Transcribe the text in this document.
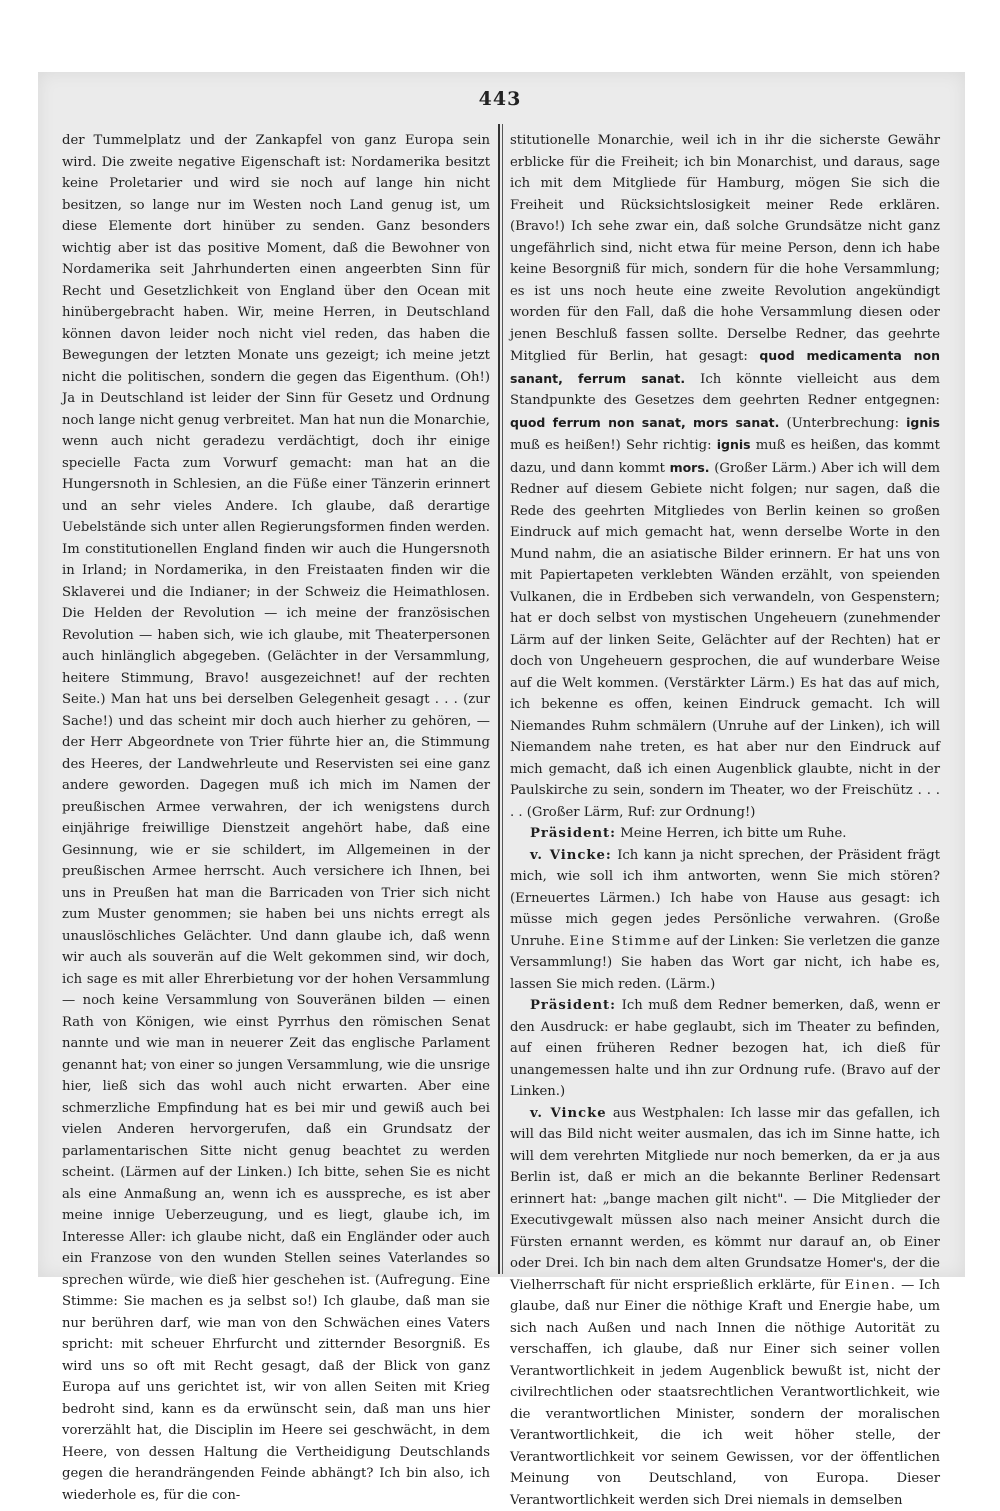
443

der Tummelplatz und der Zankapfel von ganz Europa sein wird. Die zweite negative Eigenschaft ist: Nordamerika besitzt keine Proletarier und wird sie noch auf lange hin nicht besitzen, so lange nur im Westen noch Land genug ist, um diese Elemente dort hinüber zu senden. Ganz besonders wichtig aber ist das positive Moment, daß die Bewohner von Nordamerika seit Jahrhunderten einen angeerbten Sinn für Recht und Gesetzlichkeit von England über den Ocean mit hinübergebracht haben. Wir, meine Herren, in Deutschland können davon leider noch nicht viel reden, das haben die Bewegungen der letzten Monate uns gezeigt; ich meine jetzt nicht die politischen, sondern die gegen das Eigenthum. (Oh!) Ja in Deutschland ist leider der Sinn für Gesetz und Ordnung noch lange nicht genug verbreitet. Man hat nun die Monarchie, wenn auch nicht geradezu verdächtigt, doch ihr einige specielle Facta zum Vorwurf gemacht: man hat an die Hungersnoth in Schlesien, an die Füße einer Tänzerin erinnert und an sehr vieles Andere. Ich glaube, daß derartige Uebelstände sich unter allen Regierungsformen finden werden. Im constitutionellen England finden wir auch die Hungersnoth in Irland; in Nordamerika, in den Freistaaten finden wir die Sklaverei und die Indianer; in der Schweiz die Heimathlosen. Die Helden der Revolution — ich meine der französischen Revolution — haben sich, wie ich glaube, mit Theaterpersonen auch hinlänglich abgegeben. (Gelächter in der Versammlung, heitere Stimmung, Bravo! ausgezeichnet! auf der rechten Seite.) Man hat uns bei derselben Gelegenheit gesagt . . . (zur Sache!) und das scheint mir doch auch hierher zu gehören, — der Herr Abgeordnete von Trier führte hier an, die Stimmung des Heeres, der Landwehrleute und Reservisten sei eine ganz andere geworden. Dagegen muß ich mich im Namen der preußischen Armee verwahren, der ich wenigstens durch einjährige freiwillige Dienstzeit angehört habe, daß eine Gesinnung, wie er sie schildert, im Allgemeinen in der preußischen Armee herrscht. Auch versichere ich Ihnen, bei uns in Preußen hat man die Barricaden von Trier sich nicht zum Muster genommen; sie haben bei uns nichts erregt als unauslöschliches Gelächter. Und dann glaube ich, daß wenn wir auch als souverän auf die Welt gekommen sind, wir doch, ich sage es mit aller Ehrerbietung vor der hohen Versammlung — noch keine Versammlung von Souveränen bilden — einen Rath von Königen, wie einst Pyrrhus den römischen Senat nannte und wie man in neuerer Zeit das englische Parlament genannt hat; von einer so jungen Versammlung, wie die unsrige hier, ließ sich das wohl auch nicht erwarten. Aber eine schmerzliche Empfindung hat es bei mir und gewiß auch bei vielen Anderen hervorgerufen, daß ein Grundsatz der parlamentarischen Sitte nicht genug beachtet zu werden scheint. (Lärmen auf der Linken.) Ich bitte, sehen Sie es nicht als eine Anmaßung an, wenn ich es ausspreche, es ist aber meine innige Ueberzeugung, und es liegt, glaube ich, im Interesse Aller: ich glaube nicht, daß ein Engländer oder auch ein Franzose von den wunden Stellen seines Vaterlandes so sprechen würde, wie dieß hier geschehen ist. (Aufregung. Eine Stimme: Sie machen es ja selbst so!) Ich glaube, daß man sie nur berühren darf, wie man von den Schwächen eines Vaters spricht: mit scheuer Ehrfurcht und zitternder Besorgniß. Es wird uns so oft mit Recht gesagt, daß der Blick von ganz Europa auf uns gerichtet ist, wir von allen Seiten mit Krieg bedroht sind, kann es da erwünscht sein, daß man uns hier vorerzählt hat, die Disciplin im Heere sei geschwächt, in dem Heere, von dessen Haltung die Vertheidigung Deutschlands gegen die herandrängenden Feinde abhängt? Ich bin also, ich wiederhole es, für die con-

stitutionelle Monarchie, weil ich in ihr die sicherste Gewähr erblicke für die Freiheit; ich bin Monarchist, und daraus, sage ich mit dem Mitgliede für Hamburg, mögen Sie sich die Freiheit und Rücksichtslosigkeit meiner Rede erklären. (Bravo!) Ich sehe zwar ein, daß solche Grundsätze nicht ganz ungefährlich sind, nicht etwa für meine Person, denn ich habe keine Besorgniß für mich, sondern für die hohe Versammlung; es ist uns noch heute eine zweite Revolution angekündigt worden für den Fall, daß die hohe Versammlung diesen oder jenen Beschluß fassen sollte. Derselbe Redner, das geehrte Mitglied für Berlin, hat gesagt: quod medicamenta non sanant, ferrum sanat. Ich könnte vielleicht aus dem Standpunkte des Gesetzes dem geehrten Redner entgegnen: quod ferrum non sanat, mors sanat. (Unterbrechung: ignis muß es heißen!) Sehr richtig: ignis muß es heißen, das kommt dazu, und dann kommt mors. (Großer Lärm.) Aber ich will dem Redner auf diesem Gebiete nicht folgen; nur sagen, daß die Rede des geehrten Mitgliedes von Berlin keinen so großen Eindruck auf mich gemacht hat, wenn derselbe Worte in den Mund nahm, die an asiatische Bilder erinnern. Er hat uns von mit Papiertapeten verklebten Wänden erzählt, von speienden Vulkanen, die in Erdbeben sich verwandeln, von Gespenstern; hat er doch selbst von mystischen Ungeheuern (zunehmender Lärm auf der linken Seite, Gelächter auf der Rechten) hat er doch von Ungeheuern gesprochen, die auf wunderbare Weise auf die Welt kommen. (Verstärkter Lärm.) Es hat das auf mich, ich bekenne es offen, keinen Eindruck gemacht. Ich will Niemandes Ruhm schmälern (Unruhe auf der Linken), ich will Niemandem nahe treten, es hat aber nur den Eindruck auf mich gemacht, daß ich einen Augenblick glaubte, nicht in der Paulskirche zu sein, sondern im Theater, wo der Freischütz . . . . . (Großer Lärm, Ruf: zur Ordnung!)

Präsident: Meine Herren, ich bitte um Ruhe.

v. Vincke: Ich kann ja nicht sprechen, der Präsident frägt mich, wie soll ich ihm antworten, wenn Sie mich stören? (Erneuertes Lärmen.) Ich habe von Hause aus gesagt: ich müsse mich gegen jedes Persönliche verwahren. (Große Unruhe. Eine Stimme auf der Linken: Sie verletzen die ganze Versammlung!) Sie haben das Wort gar nicht, ich habe es, lassen Sie mich reden. (Lärm.)

Präsident: Ich muß dem Redner bemerken, daß, wenn er den Ausdruck: er habe geglaubt, sich im Theater zu befinden, auf einen früheren Redner bezogen hat, ich dieß für unangemessen halte und ihn zur Ordnung rufe. (Bravo auf der Linken.)

v. Vincke aus Westphalen: Ich lasse mir das gefallen, ich will das Bild nicht weiter ausmalen, das ich im Sinne hatte, ich will dem verehrten Mitgliede nur noch bemerken, da er ja aus Berlin ist, daß er mich an die bekannte Berliner Redensart erinnert hat: „bange machen gilt nicht". — Die Mitglieder der Executivgewalt müssen also nach meiner Ansicht durch die Fürsten ernannt werden, es kömmt nur darauf an, ob Einer oder Drei. Ich bin nach dem alten Grundsatze Homer's, der die Vielherrschaft für nicht ersprießlich erklärte, für Einen. — Ich glaube, daß nur Einer die nöthige Kraft und Energie habe, um sich nach Außen und nach Innen die nöthige Autorität zu verschaffen, ich glaube, daß nur Einer sich seiner vollen Verantwortlichkeit in jedem Augenblick bewußt ist, nicht der civilrechtlichen oder staatsrechtlichen Verantwortlichkeit, wie die verantwortlichen Minister, sondern der moralischen Verantwortlichkeit, die ich weit höher stelle, der Verantwortlichkeit vor seinem Gewissen, vor der öffentlichen Meinung von Deutschland, von Europa. Dieser Verantwortlichkeit werden sich Drei niemals in demselben
